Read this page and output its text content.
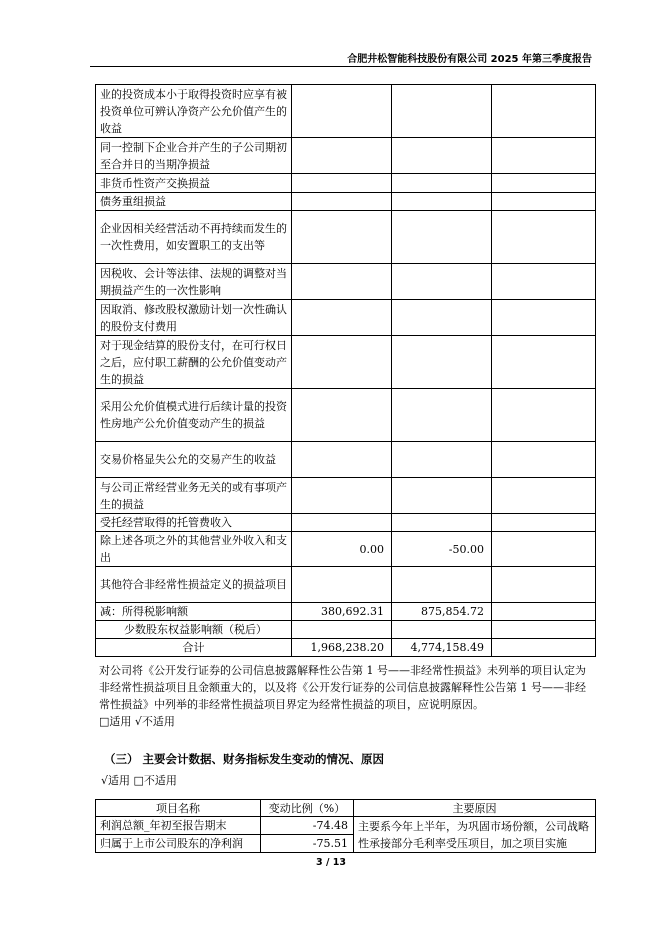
合肥井松智能科技股份有限公司 2025 年第三季度报告
业的投资成本小于取得投资时应享有被投资单位可辨认净资产公允价值产生的收益			
同一控制下企业合并产生的子公司期初至合并日的当期净损益			
非货币性资产交换损益			
债务重组损益			
企业因相关经营活动不再持续而发生的一次性费用，如安置职工的支出等			
因税收、会计等法律、法规的调整对当期损益产生的一次性影响			
因取消、修改股权激励计划一次性确认的股份支付费用			
对于现金结算的股份支付，在可行权日之后，应付职工薪酬的公允价值变动产生的损益			
采用公允价值模式进行后续计量的投资性房地产公允价值变动产生的损益			
交易价格显失公允的交易产生的收益			
与公司正常经营业务无关的或有事项产生的损益			
受托经营取得的托管费收入			
除上述各项之外的其他营业外收入和支出	0.00	-50.00	
其他符合非经常性损益定义的损益项目			
减：所得税影响额	380,692.31	875,854.72	
少数股东权益影响额（税后）			
合计	1,968,238.20	4,774,158.49	
对公司将《公开发行证券的公司信息披露解释性公告第 1 号——非经常性损益》未列举的项目认定为非经常性损益项目且金额重大的，以及将《公开发行证券的公司信息披露解释性公告第 1 号——非经常性损益》中列举的非经常性损益项目界定为经常性损益的项目，应说明原因。
□适用 √不适用
（三） 主要会计数据、财务指标发生变动的情况、原因
√适用 □不适用
项目名称	变动比例（%）	主要原因
利润总额_年初至报告期末	-74.48	主要系今年上半年，为巩固市场份额，公司战略性承接部分毛利率受压项目，加之项目实施
归属于上市公司股东的净利润	-75.51	
3 / 13
